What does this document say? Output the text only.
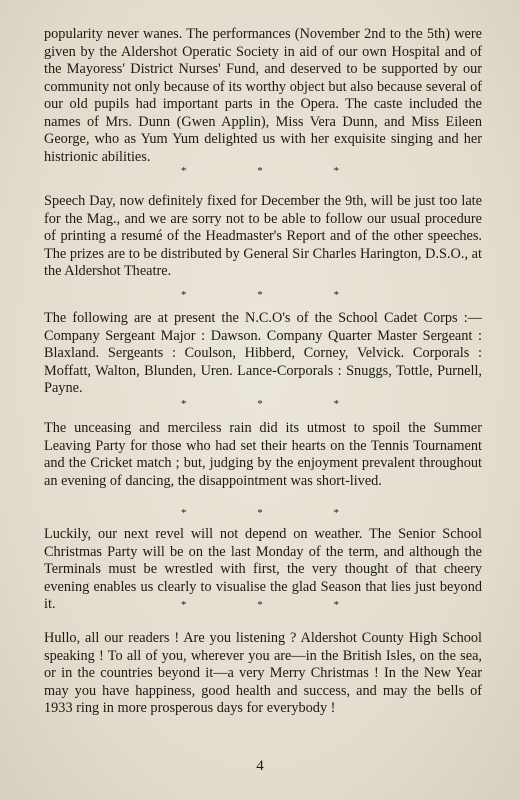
popularity never wanes. The performances (November 2nd to the 5th) were given by the Aldershot Operatic Society in aid of our own Hospital and of the Mayoress' District Nurses' Fund, and deserved to be supported by our community not only because of its worthy object but also because several of our old pupils had important parts in the Opera. The caste included the names of Mrs. Dunn (Gwen Applin), Miss Vera Dunn, and Miss Eileen George, who as Yum Yum delighted us with her exquisite singing and her histrionic abilities.

* * *

Speech Day, now definitely fixed for December the 9th, will be just too late for the Mag., and we are sorry not to be able to follow our usual procedure of printing a resumé of the Headmaster's Report and of the other speeches. The prizes are to be distributed by General Sir Charles Harington, D.S.O., at the Aldershot Theatre.

* * *

The following are at present the N.C.O's of the School Cadet Corps :—Company Sergeant Major : Dawson. Company Quarter Master Sergeant : Blaxland. Sergeants : Coulson, Hibberd, Corney, Velvick. Corporals : Moffatt, Walton, Blunden, Uren. Lance-Corporals : Snuggs, Tottle, Purnell, Payne.

* * *

The unceasing and merciless rain did its utmost to spoil the Summer Leaving Party for those who had set their hearts on the Tennis Tournament and the Cricket match ; but, judging by the enjoyment prevalent throughout an evening of dancing, the disappointment was short-lived.

* * *

Luckily, our next revel will not depend on weather. The Senior School Christmas Party will be on the last Monday of the term, and although the Terminals must be wrestled with first, the very thought of that cheery evening enables us clearly to visualise the glad Season that lies just beyond it.	* * *

Hullo, all our readers ! Are you listening ? Aldershot County High School speaking ! To all of you, wherever you are—in the British Isles, on the sea, or in the countries beyond it—a very Merry Christmas ! In the New Year may you have happiness, good health and success, and may the bells of 1933 ring in more prosperous days for everybody !

4
